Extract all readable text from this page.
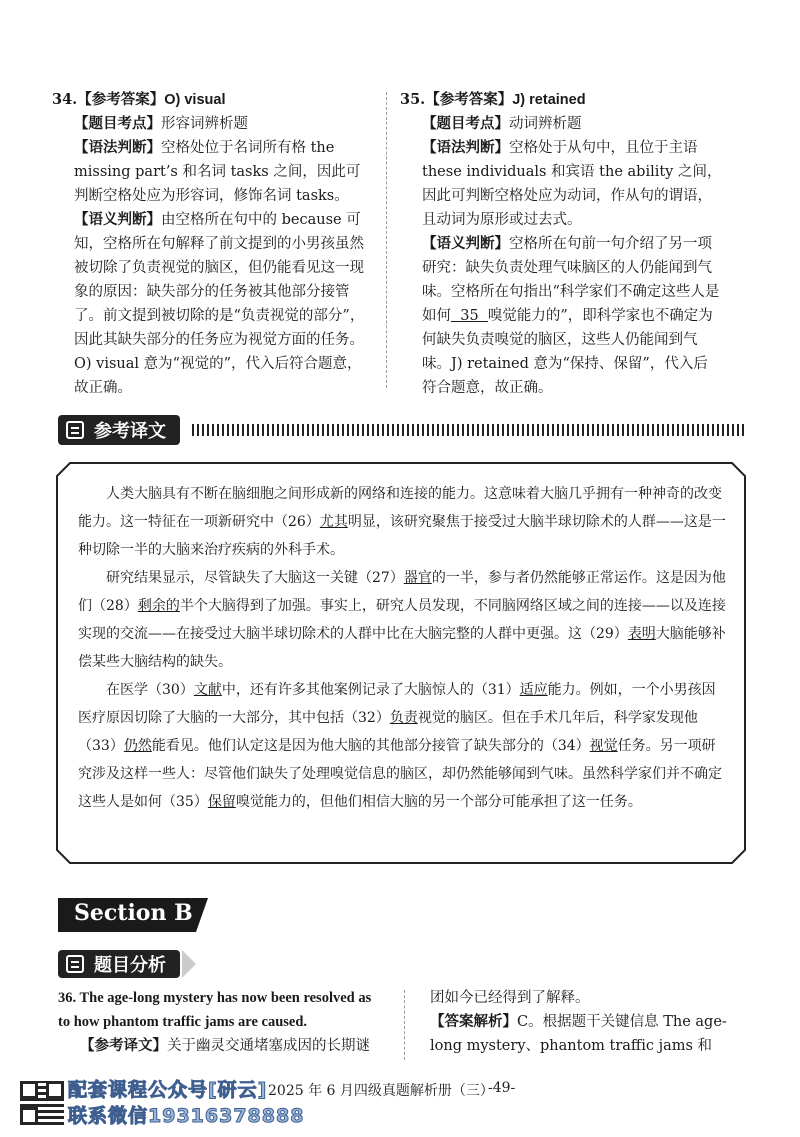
34.【参考答案】O) visual
【题目考点】形容词辨析题
【语法判断】空格处位于名词所有格 the missing part’s 和名词 tasks 之间，因此可判断空格处应为形容词，修饰名词 tasks。
【语义判断】由空格所在句中的 because 可知，空格所在句解释了前文提到的小男孩虽然被切除了负责视觉的脑区，但仍能看见这一现象的原因：缺失部分的任务被其他部分接管了。前文提到被切除的是“负责视觉的部分”，因此其缺失部分的任务应为视觉方面的任务。O) visual 意为“视觉的”，代入后符合题意，故正确。
35.【参考答案】J) retained
【题目考点】动词辨析题
【语法判断】空格处于从句中，且位于主语 these individuals 和宾语 the ability 之间，因此可判断空格处应为动词，作从句的谓语，且动词为原形或过去式。
【语义判断】空格所在句前一句介绍了另一项研究：缺失负责处理气味脑区的人仍能闻到气味。空格所在句指出“科学家们不确定这些人是如何 35 嗅觉能力的”，即科学家也不确定为何缺失负责嗅觉的脑区，这些人仍能闻到气味。J) retained 意为“保持、保留”，代入后符合题意，故正确。
参考译文

人类大脑具有不断在脑细胞之间形成新的网络和连接的能力。这意味着大脑几乎拥有一种神奇的改变能力。这一特征在一项新研究中（26）尤其明显，该研究聚焦于接受过大脑半球切除术的人群——这是一种切除一半的大脑来治疗疾病的外科手术。

研究结果显示，尽管缺失了大脑这一关键（27）器官的一半，参与者仍然能够正常运作。这是因为他们（28）剩余的半个大脑得到了加强。事实上，研究人员发现，不同脑网络区域之间的连接——以及连接实现的交流——在接受过大脑半球切除术的人群中比在大脑完整的人群中更强。这（29）表明大脑能够补偿某些大脑结构的缺失。

在医学（30）文献中，还有许多其他案例记录了大脑惊人的（31）适应能力。例如，一个小男孩因医疗原因切除了大脑的一大部分，其中包括（32）负责视觉的脑区。但在手术几年后，科学家发现他（33）仍然能看见。他们认定这是因为他大脑的其他部分接管了缺失部分的（34）视觉任务。另一项研究涉及这样一些人：尽管他们缺失了处理嗅觉信息的脑区，却仍然能够闻到气味。虽然科学家们并不确定这些人是如何（35）保留嗅觉能力的，但他们相信大脑的另一个部分可能承担了这一任务。

Section B
题目分析
36. The age-long mystery has now been resolved as to how phantom traffic jams are caused.
【参考译文】关于幽灵交通堵塞成因的长期谜
团如今已经得到了解释。
【答案解析】C。根据题干关键信息 The age-long mystery、phantom traffic jams 和
配套课程公众号[研云]
联系微信19316378888
2025 年 6 月四级真题解析册（三）
-49-
